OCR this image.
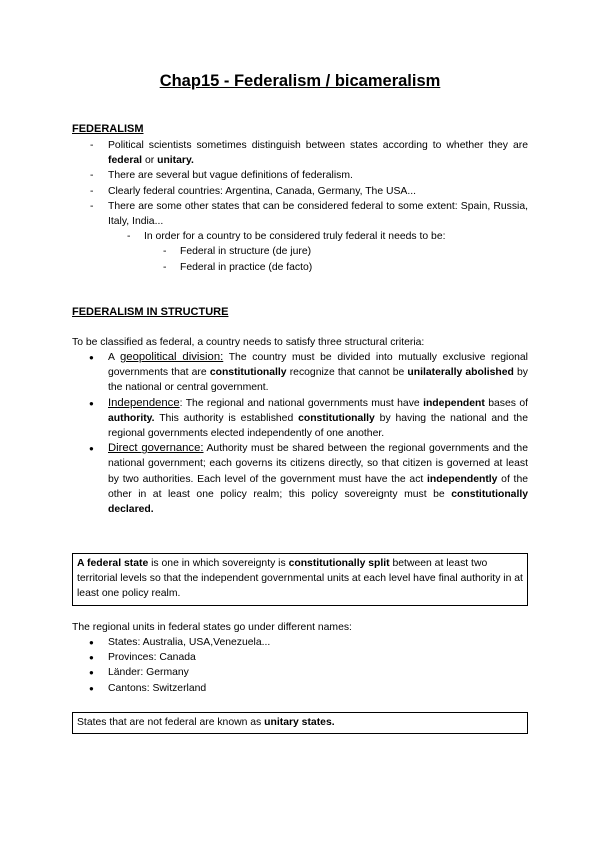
Chap15 - Federalism / bicameralism
FEDERALISM
- Political scientists sometimes distinguish between states according to whether they are federal or unitary.
- There are several but vague definitions of federalism.
- Clearly federal countries: Argentina, Canada, Germany, The USA...
- There are some other states that can be considered federal to some extent: Spain, Russia, Italy, India...
- In order for a country to be considered truly federal it needs to be:
- Federal in structure (de jure)
- Federal in practice (de facto)
FEDERALISM IN STRUCTURE
To be classified as federal, a country needs to satisfy three structural criteria:
● A geopolitical division: The country must be divided into mutually exclusive regional governments that are constitutionally recognize that cannot be unilaterally abolished by the national or central government.
● Independence: The regional and national governments must have independent bases of authority. This authority is established constitutionally by having the national and the regional governments elected independently of one another.
● Direct governance: Authority must be shared between the regional governments and the national government; each governs its citizens directly, so that citizen is governed at least by two authorities. Each level of the government must have the act independently of the other in at least one policy realm; this policy sovereignty must be constitutionally declared.
A federal state is one in which sovereignty is constitutionally split between at least two territorial levels so that the independent governmental units at each level have final authority in at least one policy realm.
The regional units in federal states go under different names:
● States: Australia, USA,Venezuela...
● Provinces: Canada
● Länder: Germany
● Cantons: Switzerland
States that are not federal are known as unitary states.
